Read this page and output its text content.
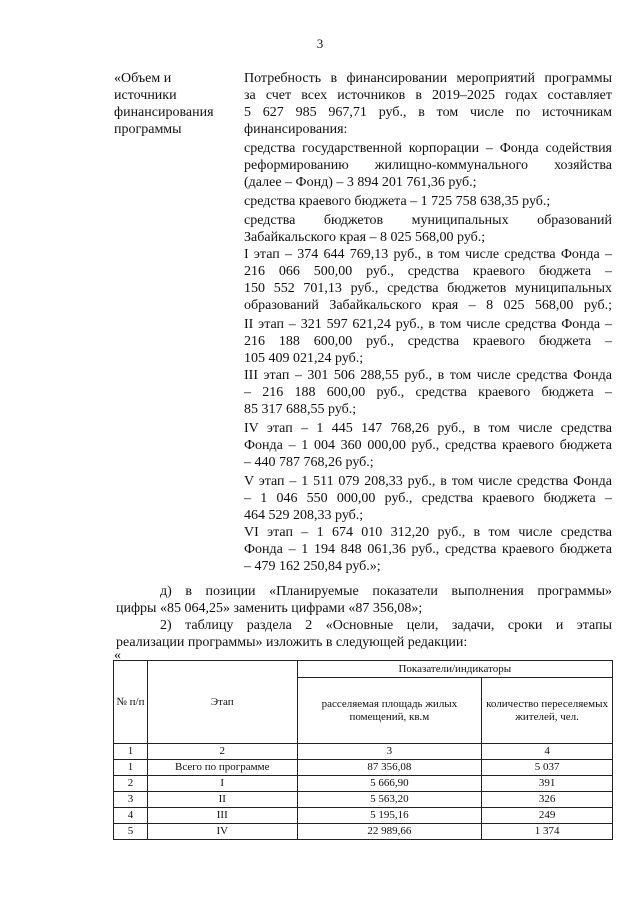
3
«Объем и
источники
финансирования
программы
Потребность в финансировании мероприятий программы
за счет всех источников в 2019–2025 годах составляет
5 627 985 967,71 руб., в том числе по источникам
финансирования:
средства государственной корпорации – Фонда содействия
реформированию жилищно-коммунального хозяйства
(далее – Фонд) – 3 894 201 761,36 руб.;
средства краевого бюджета – 1 725 758 638,35 руб.;
средства бюджетов муниципальных образований
Забайкальского края – 8 025 568,00 руб.;
I этап – 374 644 769,13 руб., в том числе средства Фонда –
216 066 500,00 руб., средства краевого бюджета –
150 552 701,13 руб., средства бюджетов муниципальных
образований Забайкальского края – 8 025 568,00 руб.;
II этап – 321 597 621,24 руб., в том числе средства Фонда –
216 188 600,00 руб., средства краевого бюджета –
105 409 021,24 руб.;
III этап – 301 506 288,55 руб., в том числе средства Фонда
– 216 188 600,00 руб., средства краевого бюджета –
85 317 688,55 руб.;
IV этап – 1 445 147 768,26 руб., в том числе средства
Фонда – 1 004 360 000,00 руб., средства краевого бюджета
– 440 787 768,26 руб.;
V этап – 1 511 079 208,33 руб., в том числе средства Фонда
– 1 046 550 000,00 руб., средства краевого бюджета –
464 529 208,33 руб.;
VI этап – 1 674 010 312,20 руб., в том числе средства
Фонда – 1 194 848 061,36 руб., средства краевого бюджета
– 479 162 250,84 руб.»;
д) в позиции «Планируемые показатели выполнения программы»
цифры «85 064,25» заменить цифрами «87 356,08»;
2) таблицу раздела 2 «Основные цели, задачи, сроки и этапы
реализации программы» изложить в следующей редакции:
«
№ п/п	Этап	Показатели/индикаторы	
		расселяемая площадь жилых помещений, кв.м	количество переселяемых жителей, чел.
1	2	3	4
1	Всего по программе	87 356,08	5 037
2	I	5 666,90	391
3	II	5 563,20	326
4	III	5 195,16	249
5	IV	22 989,66	1 374
